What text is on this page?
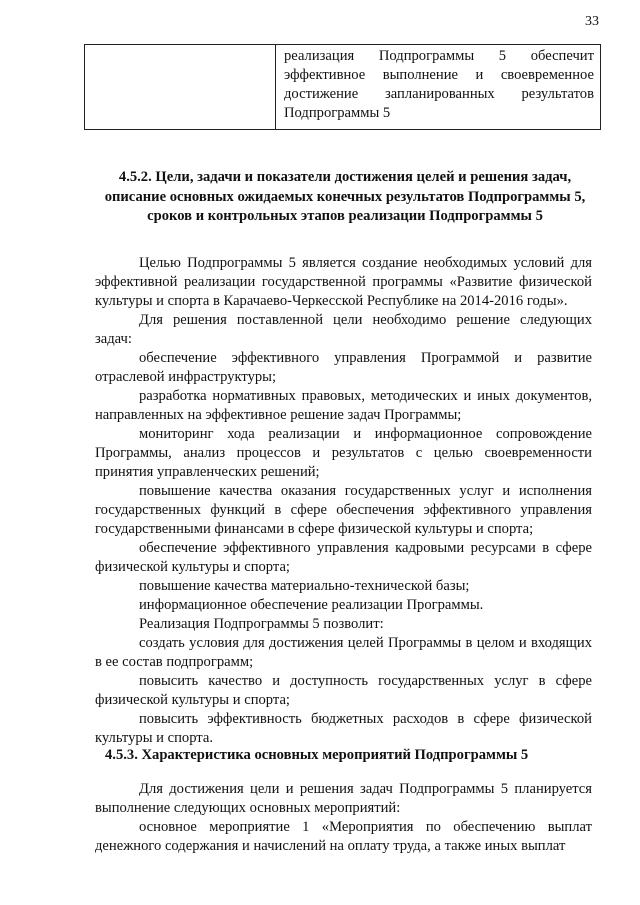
33
реализация Подпрограммы 5 обеспечит эффективное выполнение и своевременное достижение запланированных результатов Подпрограммы 5
4.5.2. Цели, задачи и показатели достижения целей и решения задач, описание основных ожидаемых конечных результатов Подпрограммы 5, сроков и контрольных этапов реализации Подпрограммы 5

Целью Подпрограммы 5 является создание необходимых условий для эффективной реализации государственной программы «Развитие физической культуры и спорта в Карачаево-Черкесской Республике на 2014-2016 годы».

Для решения поставленной цели необходимо решение следующих задач:

обеспечение эффективного управления Программой и развитие отраслевой инфраструктуры;

разработка нормативных правовых, методических и иных документов, направленных на эффективное решение задач Программы;

мониторинг хода реализации и информационное сопровождение Программы, анализ процессов и результатов с целью своевременности принятия управленческих решений;

повышение качества оказания государственных услуг и исполнения государственных функций в сфере обеспечения эффективного управления государственными финансами в сфере физической культуры и спорта;

обеспечение эффективного управления кадровыми ресурсами в сфере физической культуры и спорта;

повышение качества материально-технической базы;

информационное обеспечение реализации Программы.

Реализация Подпрограммы 5 позволит:

создать условия для достижения целей Программы в целом и входящих в ее состав подпрограмм;

повысить качество и доступность государственных услуг в сфере физической культуры и спорта;

повысить эффективность бюджетных расходов в сфере физической культуры и спорта.

4.5.3. Характеристика основных мероприятий Подпрограммы 5

Для достижения цели и решения задач Подпрограммы 5 планируется выполнение следующих основных мероприятий:

основное мероприятие 1 «Мероприятия по обеспечению выплат денежного содержания и начислений на оплату труда, а также иных выплат
